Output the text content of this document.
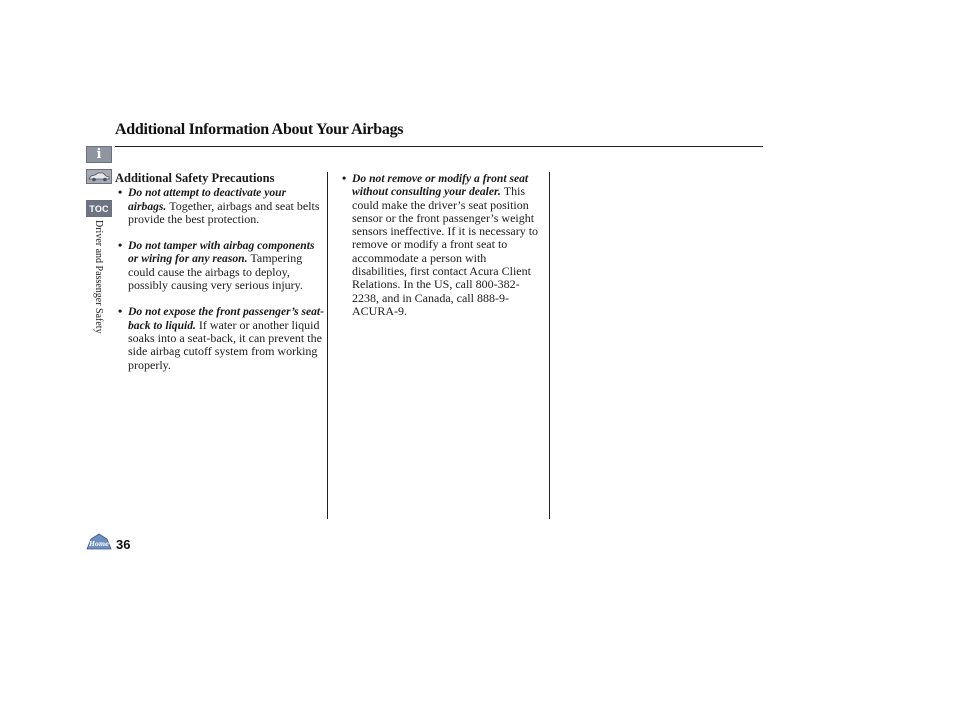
Additional Information About Your Airbags
i
TOC
Driver and Passenger Safety
Additional Safety Precautions
• Do not attempt to deactivate your airbags. Together, airbags and seat belts provide the best protection.
• Do not tamper with airbag components or wiring for any reason. Tampering could cause the airbags to deploy, possibly causing very serious injury.
• Do not expose the front passenger’s seat-back to liquid. If water or another liquid soaks into a seat-back, it can prevent the side airbag cutoff system from working properly.
• Do not remove or modify a front seat without consulting your dealer. This could make the driver’s seat position sensor or the front passenger’s weight sensors ineffective. If it is necessary to remove or modify a front seat to accommodate a person with disabilities, first contact Acura Client Relations. In the US, call 800-382-2238, and in Canada, call 888-9-ACURA-9.
Home 36
